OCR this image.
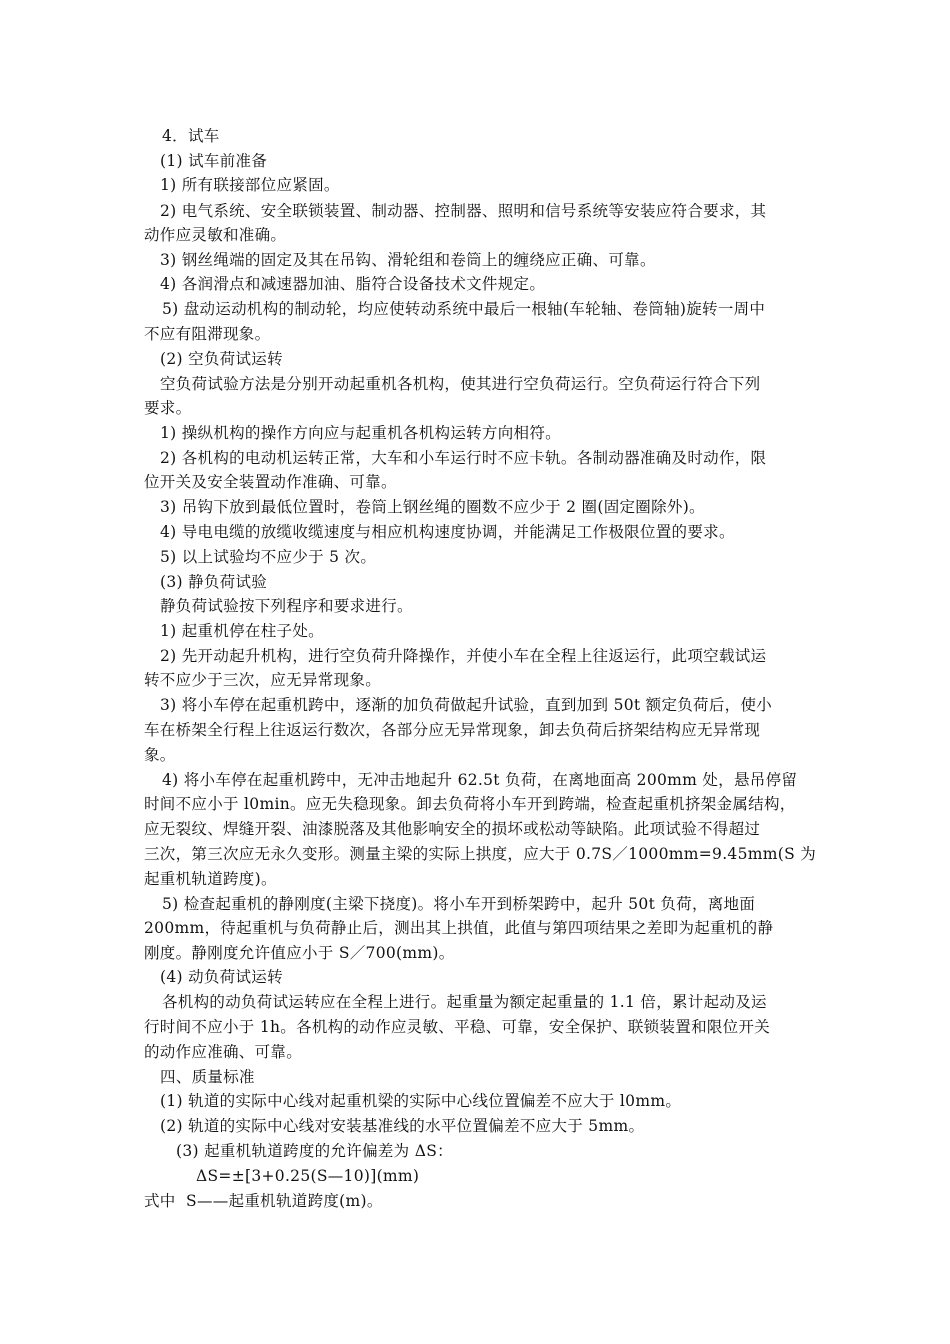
4．试车
(1) 试车前准备
1) 所有联接部位应紧固。
2) 电气系统、安全联锁装置、制动器、控制器、照明和信号系统等安装应符合要求，其
动作应灵敏和准确。
3) 钢丝绳端的固定及其在吊钩、滑轮组和卷筒上的缠绕应正确、可靠。
4) 各润滑点和减速器加油、脂符合设备技术文件规定。
5) 盘动运动机构的制动轮，均应使转动系统中最后一根轴(车轮轴、卷筒轴)旋转一周中
不应有阻滞现象。
(2) 空负荷试运转
空负荷试验方法是分别开动起重机各机构，使其进行空负荷运行。空负荷运行符合下列
要求。
1) 操纵机构的操作方向应与起重机各机构运转方向相符。
2) 各机构的电动机运转正常，大车和小车运行时不应卡轨。各制动器准确及时动作，限
位开关及安全装置动作准确、可靠。
3) 吊钩下放到最低位置时，卷筒上钢丝绳的圈数不应少于 2 圈(固定圈除外)。
4) 导电电缆的放缆收缆速度与相应机构速度协调，并能满足工作极限位置的要求。
5) 以上试验均不应少于 5 次。
(3) 静负荷试验
静负荷试验按下列程序和要求进行。
1) 起重机停在柱子处。
2) 先开动起升机构，进行空负荷升降操作，并使小车在全程上往返运行，此项空载试运
转不应少于三次，应无异常现象。
3) 将小车停在起重机跨中，逐渐的加负荷做起升试验，直到加到 50t 额定负荷后，使小
车在桥架全行程上往返运行数次，各部分应无异常现象，卸去负荷后挤架结构应无异常现
象。
4) 将小车停在起重机跨中，无冲击地起升 62.5t 负荷，在离地面高 200mm 处，悬吊停留
时间不应小于 l0min。应无失稳现象。卸去负荷将小车开到跨端，检查起重机挤架金属结构，
应无裂纹、焊缝开裂、油漆脱落及其他影响安全的损坏或松动等缺陷。此项试验不得超过
三次，第三次应无永久变形。测量主梁的实际上拱度，应大于 0.7S／1000mm=9.45mm(S 为
起重机轨道跨度)。
5) 检查起重机的静刚度(主梁下挠度)。将小车开到桥架跨中，起升 50t 负荷，离地面
200mm，待起重机与负荷静止后，测出其上拱值，此值与第四项结果之差即为起重机的静
刚度。静刚度允许值应小于 S／700(mm)。
(4) 动负荷试运转
各机构的动负荷试运转应在全程上进行。起重量为额定起重量的 1.1 倍，累计起动及运
行时间不应小于 1h。各机构的动作应灵敏、平稳、可靠，安全保护、联锁装置和限位开关
的动作应准确、可靠。
四、质量标准
(1) 轨道的实际中心线对起重机梁的实际中心线位置偏差不应大于 l0mm。
(2) 轨道的实际中心线对安装基准线的水平位置偏差不应大于 5mm。
(3) 起重机轨道跨度的允许偏差为 ΔS：
ΔS=±[3+0.25(S—10)](mm)
式中  S——起重机轨道跨度(m)。
